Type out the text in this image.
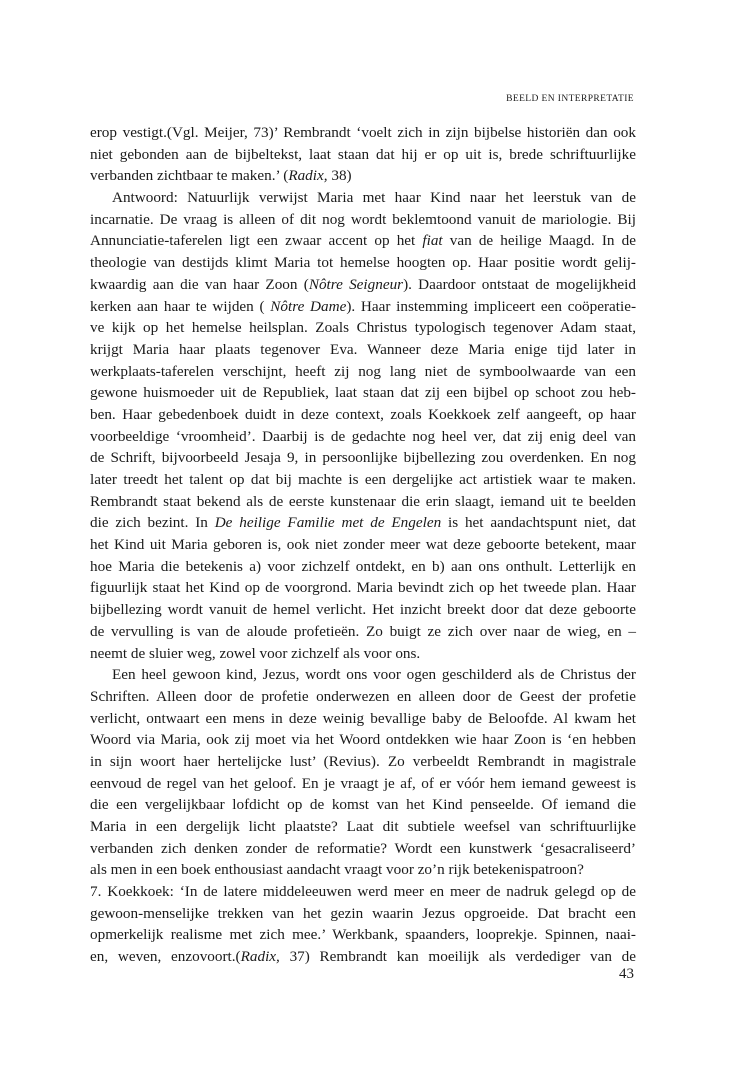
BEELD EN INTERPRETATIE
erop vestigt.(Vgl. Meijer, 73)’ Rembrandt ‘voelt zich in zijn bijbelse historiën dan ook
niet gebonden aan de bijbeltekst, laat staan dat hij er op uit is, brede schriftuurlijke
verbanden zichtbaar te maken.’ (Radix, 38)
Antwoord: Natuurlijk verwijst Maria met haar Kind naar het leerstuk van de
incarnatie. De vraag is alleen of dit nog wordt beklemtoond vanuit de mariologie. Bij
Annunciatie-taferelen ligt een zwaar accent op het fiat van de heilige Maagd. In de
theologie van destijds klimt Maria tot hemelse hoogten op. Haar positie wordt gelij-
kwaardig aan die van haar Zoon (Nôtre Seigneur). Daardoor ontstaat de mogelijkheid
kerken aan haar te wijden ( Nôtre Dame). Haar instemming impliceert een coöperatie-
ve kijk op het hemelse heilsplan. Zoals Christus typologisch tegenover Adam staat,
krijgt Maria haar plaats tegenover Eva. Wanneer deze Maria enige tijd later in
werkplaats-taferelen verschijnt, heeft zij nog lang niet de symboolwaarde van een
gewone huismoeder uit de Republiek, laat staan dat zij een bijbel op schoot zou heb-
ben. Haar gebedenboek duidt in deze context, zoals Koekkoek zelf aangeeft, op haar
voorbeeldige ‘vroomheid’. Daarbij is de gedachte nog heel ver, dat zij enig deel van
de Schrift, bijvoorbeeld Jesaja 9, in persoonlijke bijbellezing zou overdenken. En nog
later treedt het talent op dat bij machte is een dergelijke act artistiek waar te maken.
Rembrandt staat bekend als de eerste kunstenaar die erin slaagt, iemand uit te beelden
die zich bezint. In De heilige Familie met de Engelen is het aandachtspunt niet, dat
het Kind uit Maria geboren is, ook niet zonder meer wat deze geboorte betekent, maar
hoe Maria die betekenis a) voor zichzelf ontdekt, en b) aan ons onthult. Letterlijk en
figuurlijk staat het Kind op de voorgrond. Maria bevindt zich op het tweede plan. Haar
bijbellezing wordt vanuit de hemel verlicht. Het inzicht breekt door dat deze geboorte
de vervulling is van de aloude profetieën. Zo buigt ze zich over naar de wieg, en –
neemt de sluier weg, zowel voor zichzelf als voor ons.
Een heel gewoon kind, Jezus, wordt ons voor ogen geschilderd als de Christus der
Schriften. Alleen door de profetie onderwezen en alleen door de Geest der profetie
verlicht, ontwaart een mens in deze weinig bevallige baby de Beloofde. Al kwam het
Woord via Maria, ook zij moet via het Woord ontdekken wie haar Zoon is ‘en hebben
in sijn woort haer hertelijcke lust’ (Revius). Zo verbeeldt Rembrandt in magistrale
eenvoud de regel van het geloof. En je vraagt je af, of er vóór hem iemand geweest is
die een vergelijkbaar lofdicht op de komst van het Kind penseelde. Of iemand die
Maria in een dergelijk licht plaatste? Laat dit subtiele weefsel van schriftuurlijke
verbanden zich denken zonder de reformatie? Wordt een kunstwerk ‘gesacraliseerd’
als men in een boek enthousiast aandacht vraagt voor zo’n rijk betekenispatroon?
7. Koekkoek: ‘In de latere middeleeuwen werd meer en meer de nadruk gelegd op de
gewoon-menselijke trekken van het gezin waarin Jezus opgroeide. Dat bracht een
opmerkelijk realisme met zich mee.’ Werkbank, spaanders, looprekje. Spinnen, naai-
en, weven, enzovoort.(Radix, 37) Rembrandt kan moeilijk als verdediger van de
43
